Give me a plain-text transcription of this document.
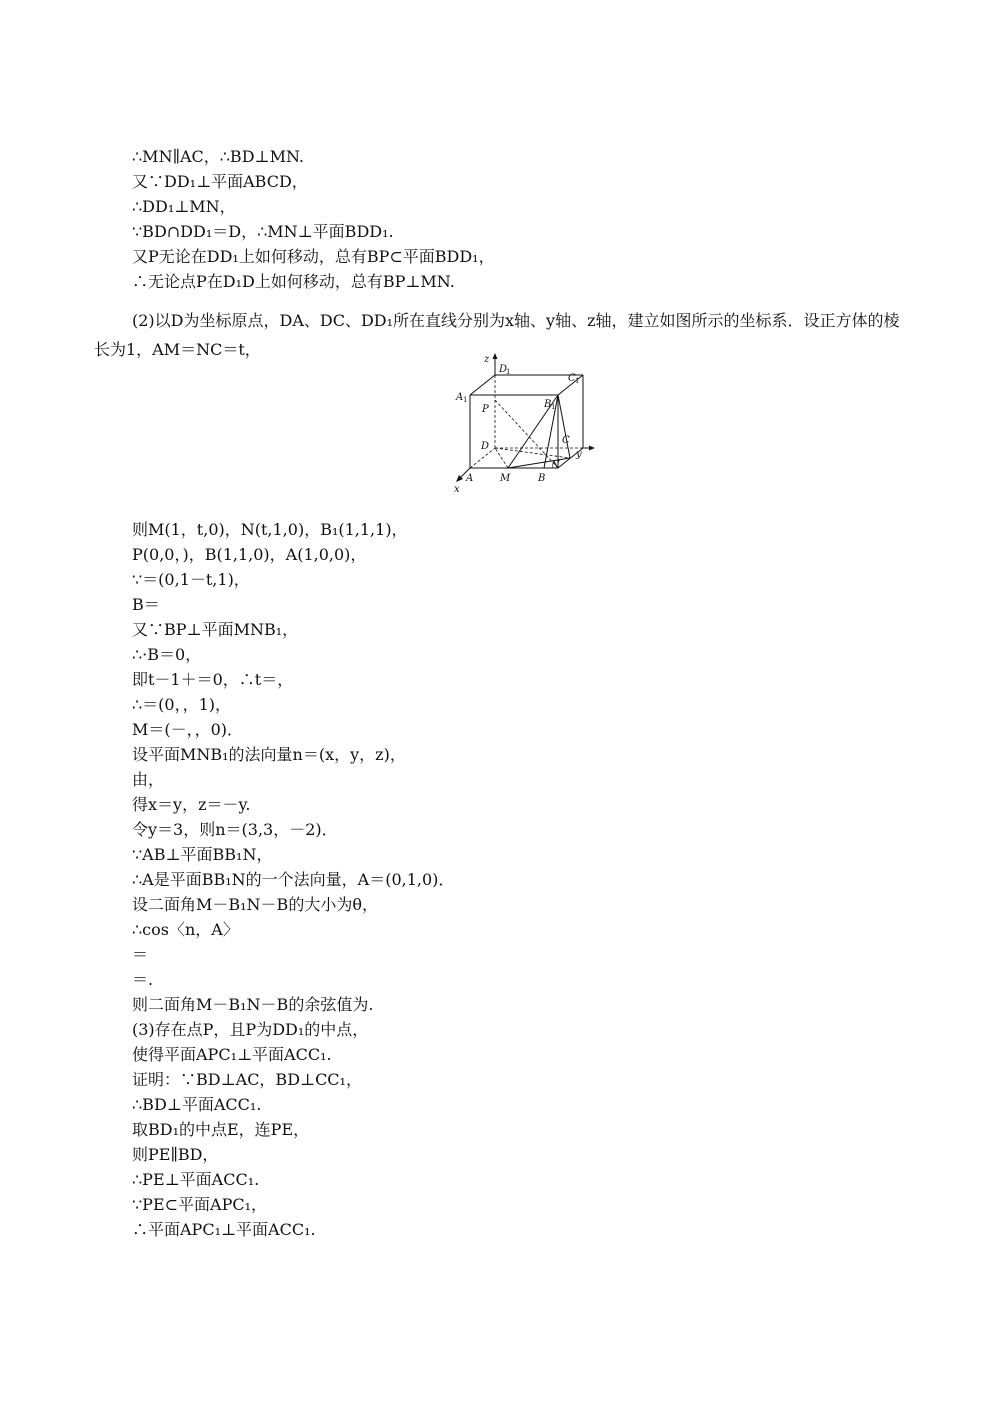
∴MN∥AC，∴BD⊥MN.
又∵DD₁⊥平面ABCD，
∴DD₁⊥MN，
∵BD∩DD₁＝D，∴MN⊥平面BDD₁.
又P无论在DD₁上如何移动，总有BP⊂平面BDD₁，
∴无论点P在D₁D上如何移动，总有BP⊥MN.
(2)以D为坐标原点，DA、DC、DD₁所在直线分别为x轴、y轴、z轴，建立如图所示的坐标系．设正方体的棱长为1，AM＝NC＝t，
z
D
1
C 1
A 1
P	B 1
D
C
y
A	M	B
N
x
则M(1，t,0)，N(t,1,0)，B₁(1,1,1)，
P(0,0，)，B(1,1,0)，A(1,0,0)，
∵＝(0,1－t,1)，
B＝
又∵BP⊥平面MNB₁，
∴·B＝0，
即t－1＋＝0，∴t＝，
∴＝(0，，1)，
M＝(－，，0)．
设平面MNB₁的法向量n＝(x，y，z)，
由，
得x＝y，z＝－y.
令y＝3，则n＝(3,3，－2)．
∵AB⊥平面BB₁N，
∴A是平面BB₁N的一个法向量，A＝(0,1,0)．
设二面角M－B₁N－B的大小为θ，
∴cos〈n，A〉
＝
＝.
则二面角M－B₁N－B的余弦值为.
(3)存在点P，且P为DD₁的中点，
使得平面APC₁⊥平面ACC₁.
证明：∵BD⊥AC，BD⊥CC₁，
∴BD⊥平面ACC₁.
取BD₁的中点E，连PE，
则PE∥BD，
∴PE⊥平面ACC₁.
∵PE⊂平面APC₁，
∴平面APC₁⊥平面ACC₁.
